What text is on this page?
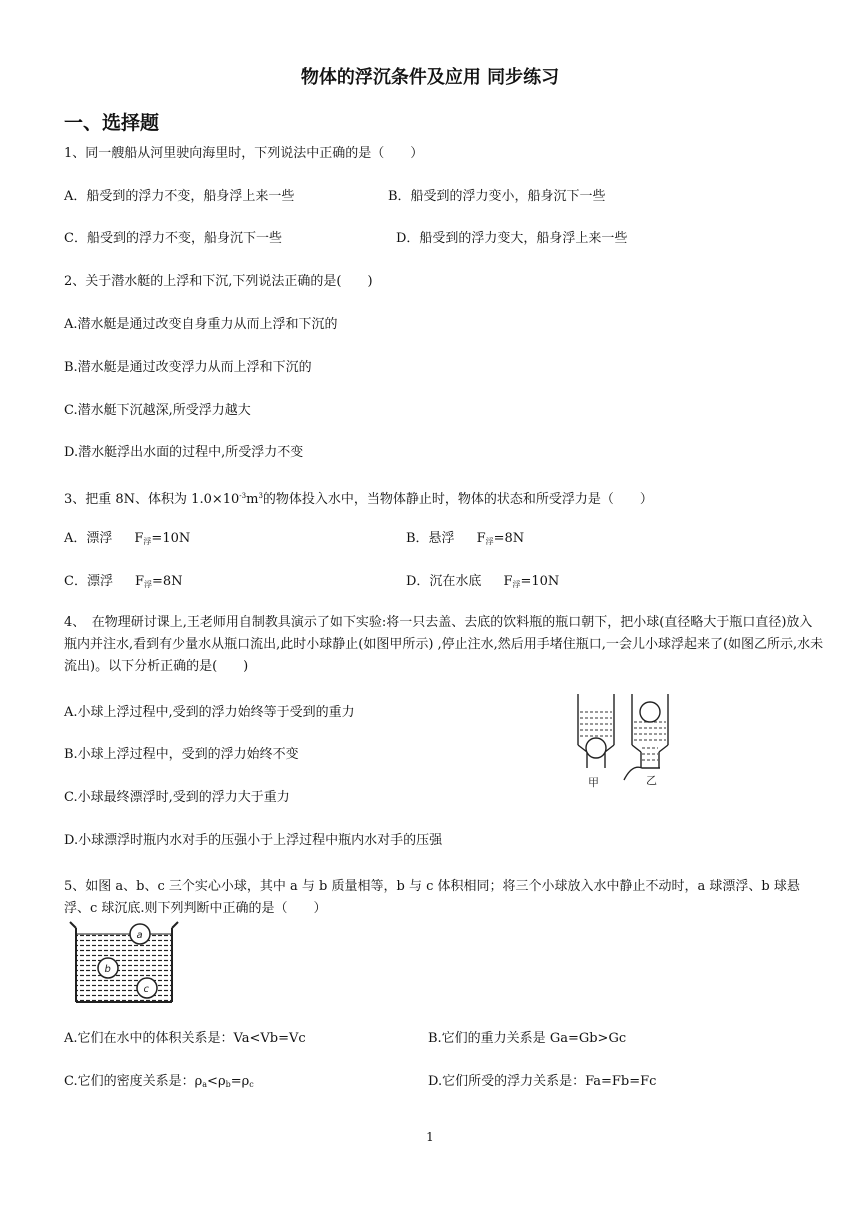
物体的浮沉条件及应用 同步练习
一、选择题
1、同一艘船从河里驶向海里时，下列说法中正确的是（　　）
A．船受到的浮力不变，船身浮上来一些	B．船受到的浮力变小，船身沉下一些
C．船受到的浮力不变，船身沉下一些	D．船受到的浮力变大，船身浮上来一些
2、关于潜水艇的上浮和下沉,下列说法正确的是(　　)
A.潜水艇是通过改变自身重力从而上浮和下沉的
B.潜水艇是通过改变浮力从而上浮和下沉的
C.潜水艇下沉越深,所受浮力越大
D.潜水艇浮出水面的过程中,所受浮力不变
3、把重 8N、体积为 $1.0\times 10^{-3}m^3$的物体投入水中，当物体静止时，物体的状态和所受浮力是（　　）
A．漂浮 $F_浮=10N$	B．悬浮 $F_浮=8N$
C．漂浮 $F_浮=8N$	D．沉在水底 $F_浮=10N$
4、　在物理研讨课上,王老师用自制教具演示了如下实验:将一只去盖、去底的饮料瓶的瓶口朝下，把小球(直径略大于瓶口直径)放入瓶内并注水,看到有少量水从瓶口流出,此时小球静止(如图甲所示) ,停止注水,然后用手堵住瓶口,一会儿小球浮起来了(如图乙所示,水未流出)。以下分析正确的是(　　)
A.小球上浮过程中,受到的浮力始终等于受到的重力
B.小球上浮过程中，受到的浮力始终不变
C.小球最终漂浮时,受到的浮力大于重力
D.小球漂浮时瓶内水对手的压强小于上浮过程中瓶内水对手的压强
甲	乙
5、如图 a、b、c 三个实心小球，其中 a 与 b 质量相等，b 与 c 体积相同；将三个小球放入水中静止不动时，a 球漂浮、b 球悬浮、c 球沉底.则下列判断中正确的是（　　）
a
b
c
A.它们在水中的体积关系是：Va<Vb=Vc	B.它们的重力关系是 Ga=Gb>Gc
C.它们的密度关系是：$\rho_a<\rho_b=\rho_c$	D.它们所受的浮力关系是：Fa=Fb=Fc
1
